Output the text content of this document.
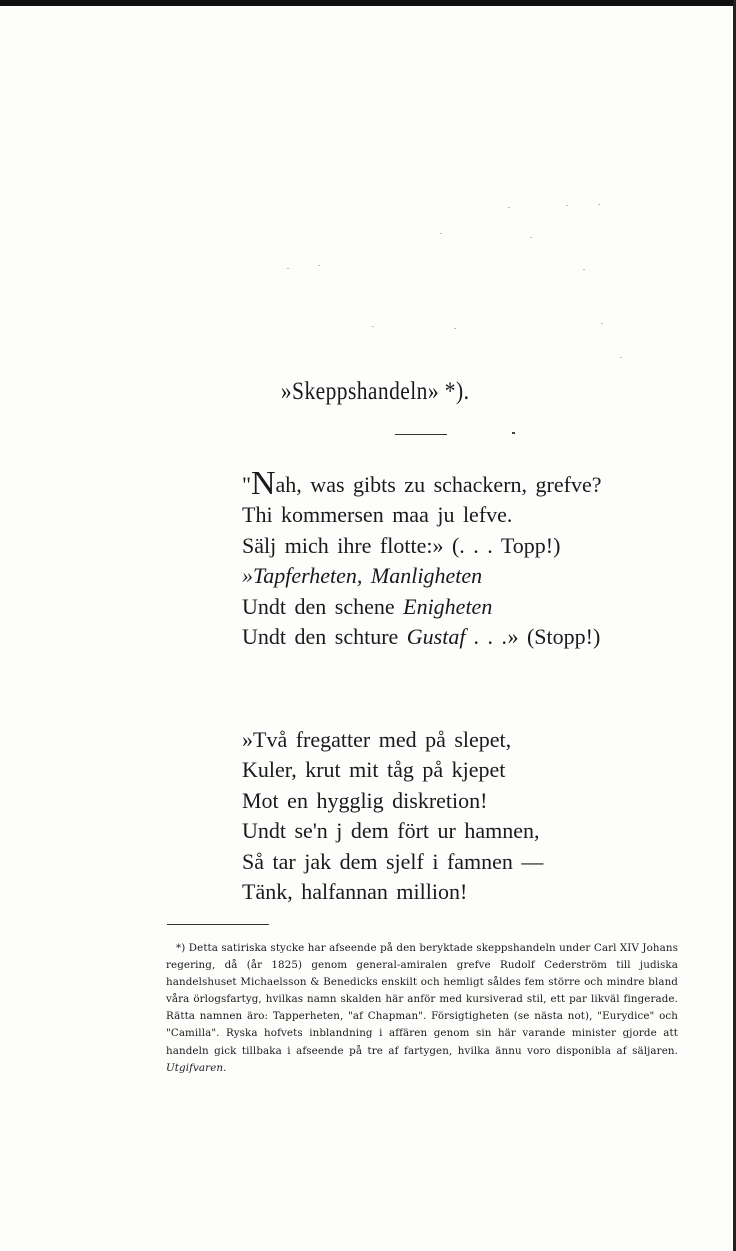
»Skeppshandeln» *).
"Nah, was gibts zu schackern, grefve?
Thi kommersen maa ju lefve.
Sälj mich ihre flotte:» (. . . Topp!)
»Tapferheten, Manligheten
Undt den schene Enigheten
Undt den schture Gustaf . . .» (Stopp!)
»Två fregatter med på slepet,
Kuler, krut mit tåg på kjepet
Mot en hygglig diskretion!
Undt se'n j dem fört ur hamnen,
Så tar jak dem sjelf i famnen —
Tänk, halfannan million!
*) Detta satiriska stycke har afseende på den beryktade skeppshandeln under Carl XIV Johans regering, då (år 1825) genom general-amiralen grefve Rudolf Cederström till judiska handelshuset Michaelsson & Benedicks enskilt och hemligt såldes fem större och mindre bland våra örlogsfartyg, hvilkas namn skalden här anför med kursiverad stil, ett par likväl fingerade. Rätta namnen äro: Tapperheten, "af Chapman". Försigtigheten (se nästa not), "Eurydice" och "Camilla". Ryska hofvets inblandning i affären genom sin här varande minister gjorde att handeln gick tillbaka i afseende på tre af fartygen, hvilka ännu voro disponibla af säljaren. Utgifvaren.
